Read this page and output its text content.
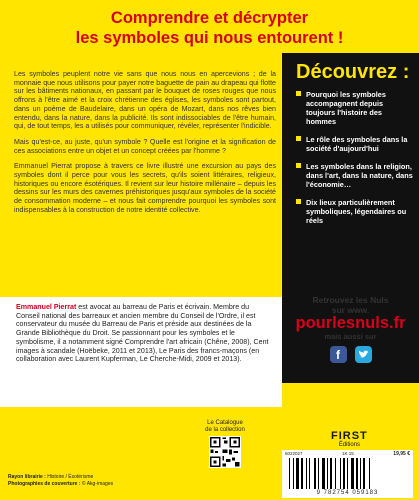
Comprendre et décrypter
les symboles qui nous entourent !

Les symboles peuplent notre vie sans que nous nous en apercevions ; de la monnaie que nous utilisons pour payer notre baguette de pain au drapeau qui flotte sur les bâtiments nationaux, en passant par le bouquet de roses rouges que nous offrons à l'être aimé et la croix chrétienne des églises, les symboles sont partout, dans un poème de Baudelaire, dans un opéra de Mozart, dans nos rêves bien entendu, dans la nature, dans la publicité. Ils sont indissociables de l'être humain, qui, de tout temps, les a utilisés pour communiquer, révéler, représenter l'indicible.

Mais qu'est-ce, au juste, qu'un symbole ? Quelle est l'origine et la signification de ces associations entre un objet et un concept créées par l'homme ?

Emmanuel Pierrat propose à travers ce livre illustré une excursion au pays des symboles dont il perce pour vous les secrets, qu'ils soient littéraires, religieux, historiques ou encore ésotériques. Il revient sur leur histoire millénaire – depuis les dessins sur les murs des cavernes préhistoriques jusqu'aux symboles de la société de consommation moderne – et nous fait comprendre pourquoi les symboles sont indispensables à la construction de notre identité collective.

Découvrez :
Pourquoi les symboles accompagnent depuis toujours l'histoire des hommes
Le rôle des symboles dans la société d'aujourd'hui
Les symboles dans la religion, dans l'art, dans la nature, dans l'économie…
Dix lieux particulièrement symboliques, légendaires ou réels
Emmanuel Pierrat est avocat au barreau de Paris et écrivain. Membre du Conseil national des barreaux et ancien membre du Conseil de l'Ordre, il est conservateur du musée du Barreau de Paris et préside aux destinées de la Grande Bibliothèque du Droit. Se passionnant pour les symboles et le symbolisme, il a notamment signé Comprendre l'art africain (Chêne, 2008), Cent images à scandale (Hoëbeke, 2011 et 2013), Le Paris des francs-maçons (en collaboration avec Laurent Kupferman, Le Cherche-Midi, 2009 et 2013).
Retrouvez les Nuls
sur www.
pourlesnuls.fr
mais aussi sur
f
Le Catalogue
de la collection	FIRST
Éditions
6022027	1K 15	19,95 €
9 782754 059183
Rayon librairie : Histoire / Ésotérisme
Photographies de couverture : © Akg-images
